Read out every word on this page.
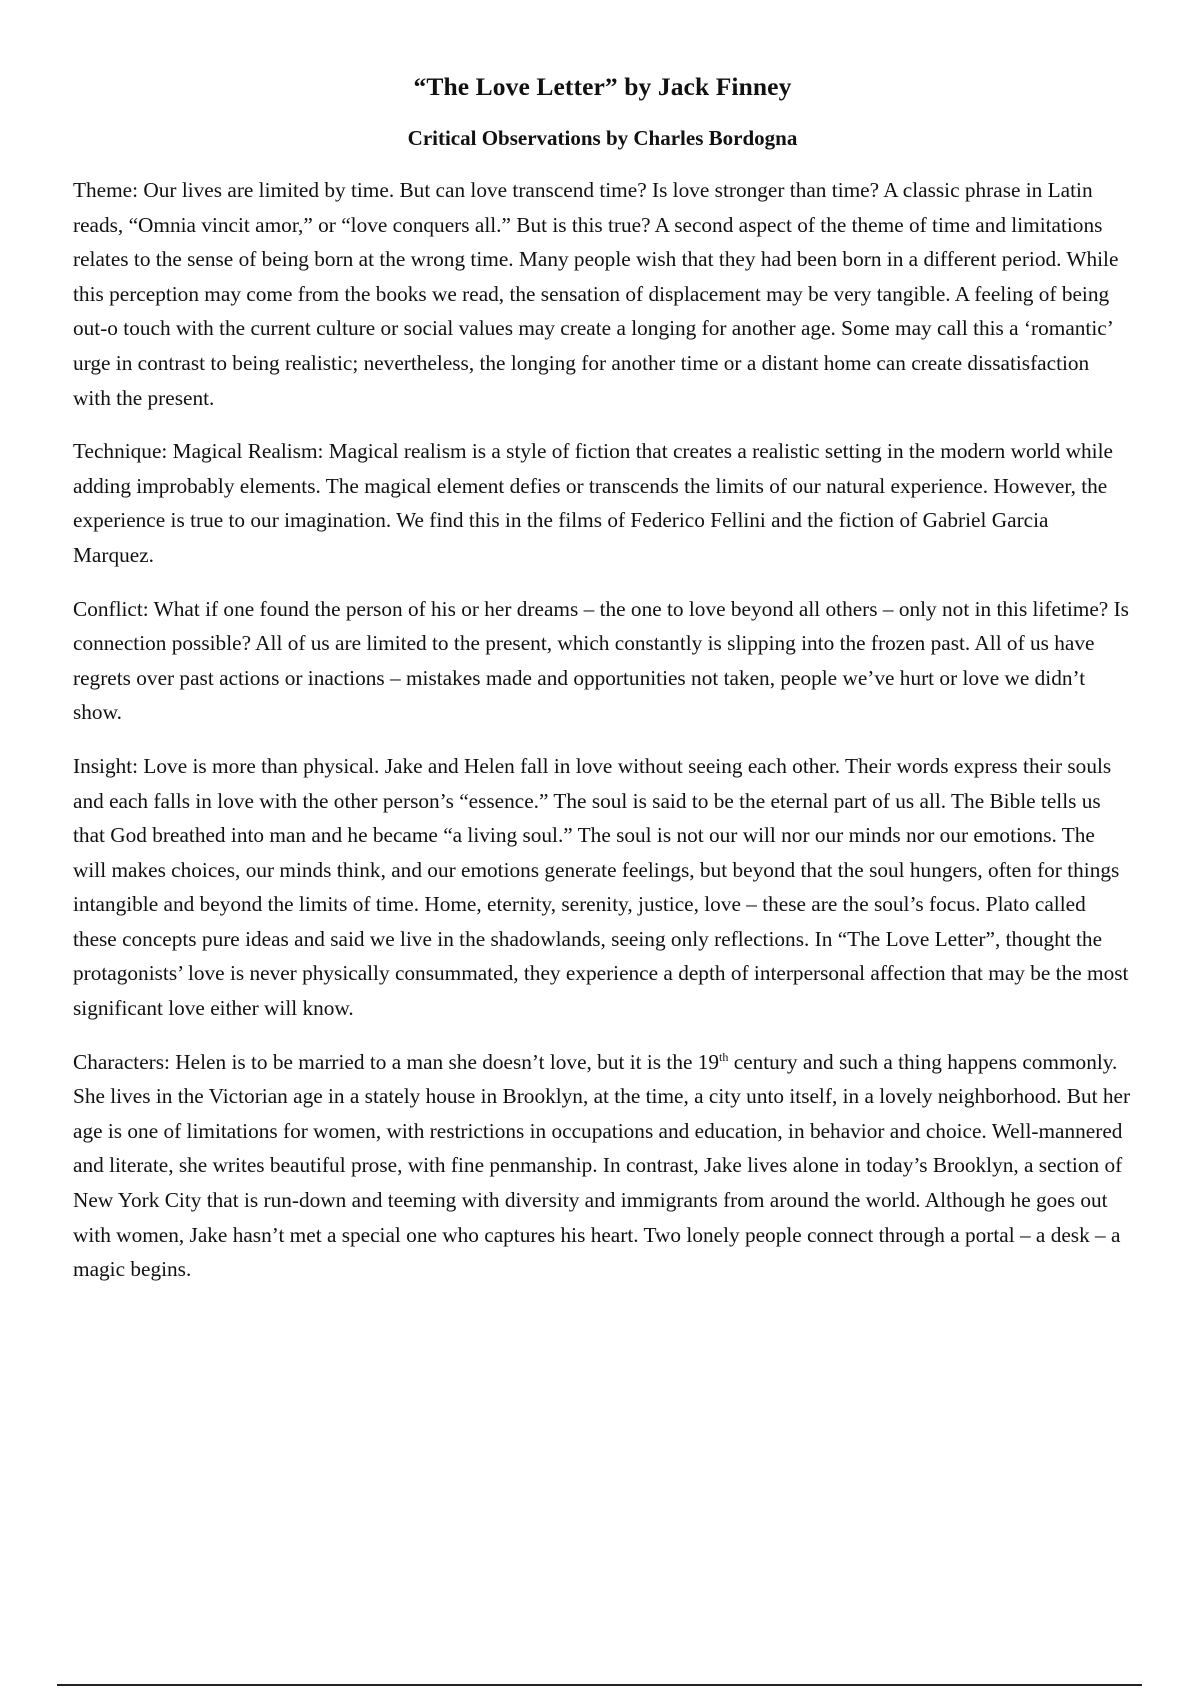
“The Love Letter” by Jack Finney
Critical Observations by Charles Bordogna

Theme: Our lives are limited by time. But can love transcend time? Is love stronger than time? A classic phrase in Latin reads, “Omnia vincit amor,” or “love conquers all.” But is this true? A second aspect of the theme of time and limitations relates to the sense of being born at the wrong time. Many people wish that they had been born in a different period. While this perception may come from the books we read, the sensation of displacement may be very tangible. A feeling of being out-o touch with the current culture or social values may create a longing for another age. Some may call this a ‘romantic’ urge in contrast to being realistic; nevertheless, the longing for another time or a distant home can create dissatisfaction with the present.

Technique: Magical Realism: Magical realism is a style of fiction that creates a realistic setting in the modern world while adding improbably elements. The magical element defies or transcends the limits of our natural experience. However, the experience is true to our imagination. We find this in the films of Federico Fellini and the fiction of Gabriel Garcia Marquez.

Conflict: What if one found the person of his or her dreams – the one to love beyond all others – only not in this lifetime? Is connection possible? All of us are limited to the present, which constantly is slipping into the frozen past. All of us have regrets over past actions or inactions – mistakes made and opportunities not taken, people we’ve hurt or love we didn’t show.

Insight: Love is more than physical. Jake and Helen fall in love without seeing each other. Their words express their souls and each falls in love with the other person’s “essence.” The soul is said to be the eternal part of us all. The Bible tells us that God breathed into man and he became “a living soul.” The soul is not our will nor our minds nor our emotions. The will makes choices, our minds think, and our emotions generate feelings, but beyond that the soul hungers, often for things intangible and beyond the limits of time. Home, eternity, serenity, justice, love – these are the soul’s focus. Plato called these concepts pure ideas and said we live in the shadowlands, seeing only reflections. In “The Love Letter”, thought the protagonists’ love is never physically consummated, they experience a depth of interpersonal affection that may be the most significant love either will know.

Characters: Helen is to be married to a man she doesn’t love, but it is the 19th century and such a thing happens commonly. She lives in the Victorian age in a stately house in Brooklyn, at the time, a city unto itself, in a lovely neighborhood. But her age is one of limitations for women, with restrictions in occupations and education, in behavior and choice. Well-mannered and literate, she writes beautiful prose, with fine penmanship. In contrast, Jake lives alone in today’s Brooklyn, a section of New York City that is run-down and teeming with diversity and immigrants from around the world. Although he goes out with women, Jake hasn’t met a special one who captures his heart. Two lonely people connect through a portal – a desk – a magic begins.
